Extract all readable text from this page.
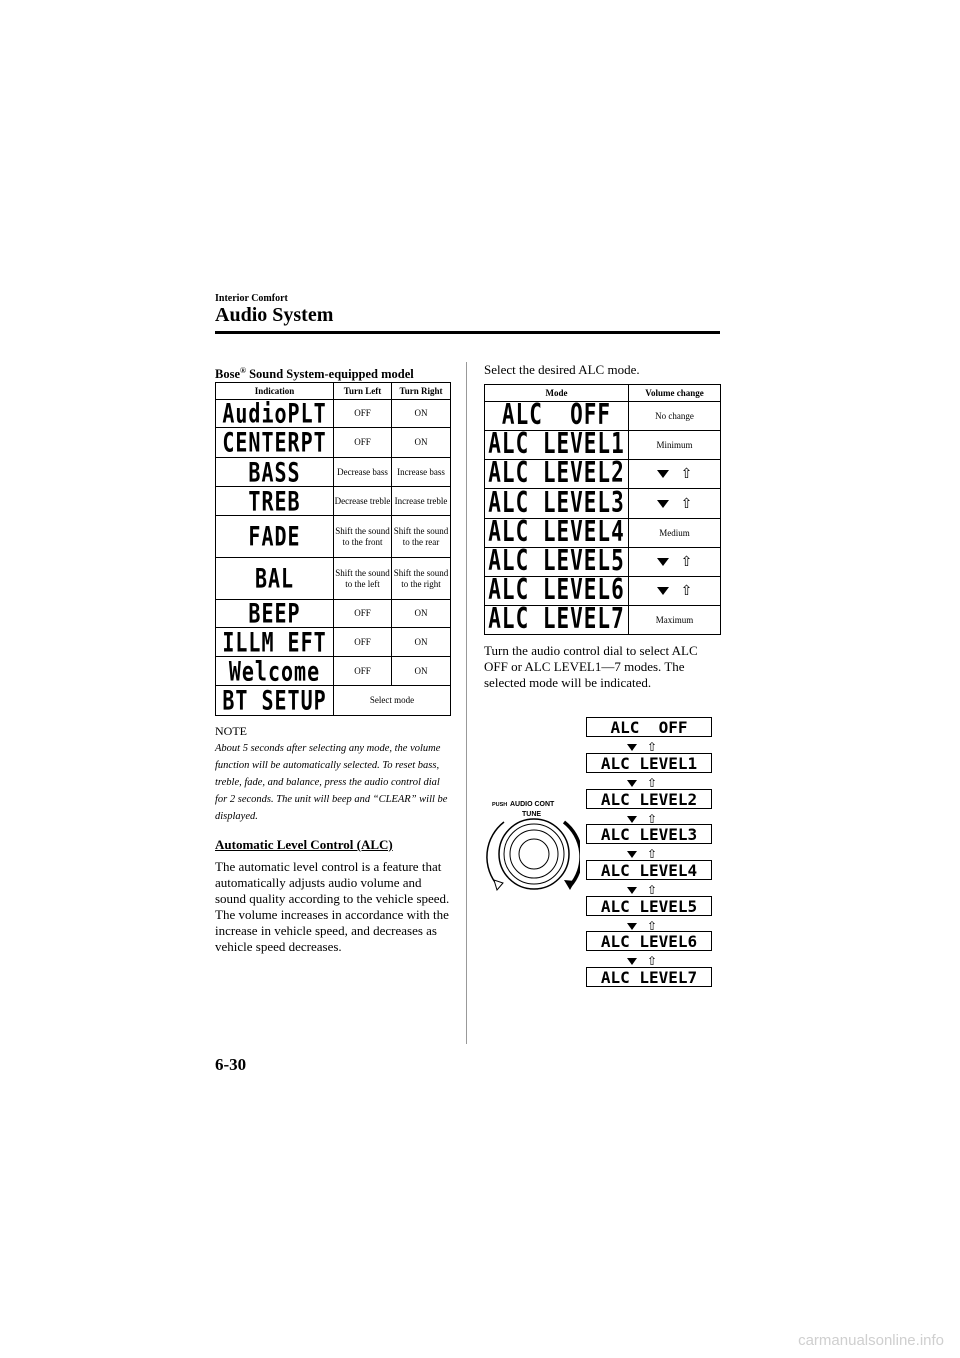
Interior Comfort
Audio System
Bose® Sound System-equipped model
Indication	Turn Left	Turn Right

AudioPLT	OFF	ON

CENTERPT	OFF	ON

BASS	Decrease bass	Increase bass

TREB	Decrease treble	Increase treble

FADE	Shift the sound to the front	Shift the sound to the rear

BAL	Shift the sound to the left	Shift the sound to the right

BEEP	OFF	ON

ILLM EFT	OFF	ON

Welcome	OFF	ON

BT SETUP	Select mode	
NOTE
About 5 seconds after selecting any mode, the volume function will be automatically selected. To reset bass, treble, fade, and balance, press the audio control dial for 2 seconds. The unit will beep and “CLEAR” will be displayed.
Automatic Level Control (ALC)
The automatic level control is a feature that automatically adjusts audio volume and sound quality according to the vehicle speed.
The volume increases in accordance with the increase in vehicle speed, and decreases as vehicle speed decreases.
Select the desired ALC mode.
Mode	Volume change

ALC  OFF	No change

ALC LEVEL1	Minimum

ALC LEVEL2	⇧

ALC LEVEL3	⇧

ALC LEVEL4	Medium

ALC LEVEL5	⇧

ALC LEVEL6	⇧

ALC LEVEL7	Maximum
Turn the audio control dial to select ALC OFF or ALC LEVEL1―7 modes. The selected mode will be indicated.
ALC  OFF
⇧
ALC LEVEL1
⇧
ALC LEVEL2
⇧
ALC LEVEL3
⇧
ALC LEVEL4
⇧
ALC LEVEL5
⇧
ALC LEVEL6
⇧
ALC LEVEL7
PUSH AUDIO CONT
TUNE
6-30
carmanualsonline.info
